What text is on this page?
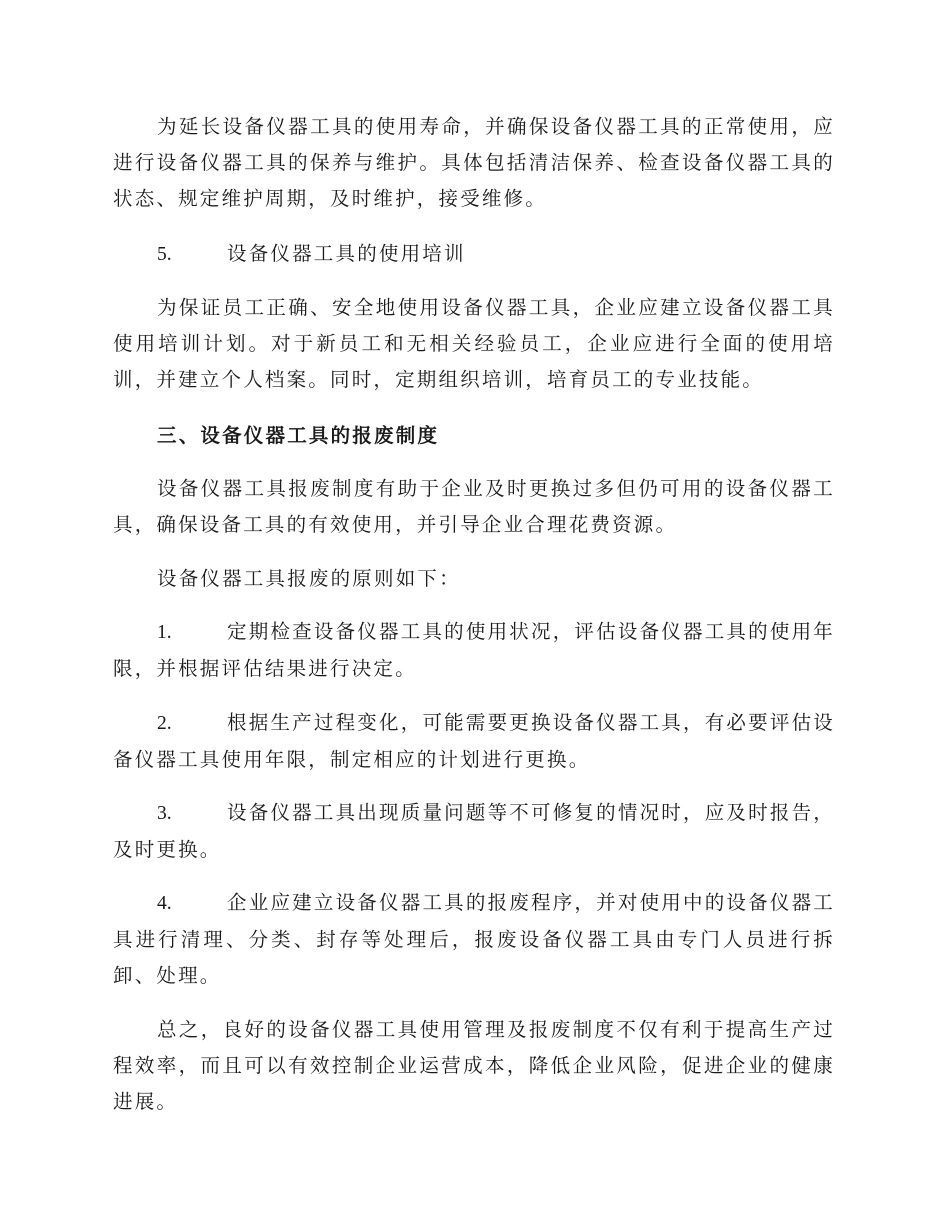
为延长设备仪器工具的使用寿命，并确保设备仪器工具的正常使用，应进行设备仪器工具的保养与维护。具体包括清洁保养、检查设备仪器工具的状态、规定维护周期，及时维护，接受维修。

5.	设备仪器工具的使用培训

为保证员工正确、安全地使用设备仪器工具，企业应建立设备仪器工具使用培训计划。对于新员工和无相关经验员工，企业应进行全面的使用培训，并建立个人档案。同时，定期组织培训，培育员工的专业技能。

三、设备仪器工具的报废制度

设备仪器工具报废制度有助于企业及时更换过多但仍可用的设备仪器工具，确保设备工具的有效使用，并引导企业合理花费资源。

设备仪器工具报废的原则如下：

1.	定期检查设备仪器工具的使用状况，评估设备仪器工具的使用年限，并根据评估结果进行决定。

2.	根据生产过程变化，可能需要更换设备仪器工具，有必要评估设备仪器工具使用年限，制定相应的计划进行更换。

3.	设备仪器工具出现质量问题等不可修复的情况时，应及时报告，及时更换。

4.	企业应建立设备仪器工具的报废程序，并对使用中的设备仪器工具进行清理、分类、封存等处理后，报废设备仪器工具由专门人员进行拆卸、处理。

总之，良好的设备仪器工具使用管理及报废制度不仅有利于提高生产过程效率，而且可以有效控制企业运营成本，降低企业风险，促进企业的健康进展。
